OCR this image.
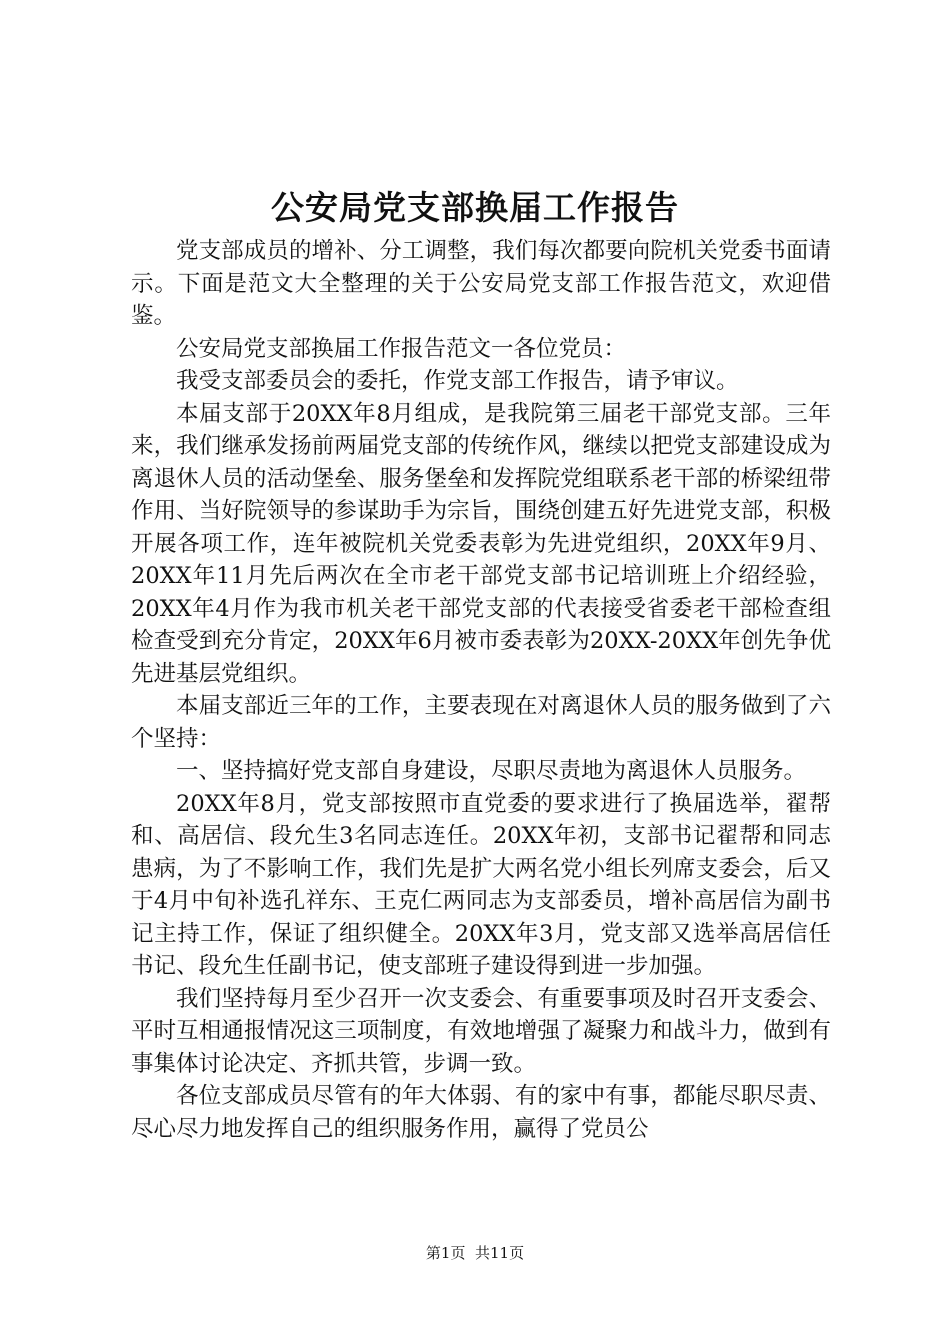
公安局党支部换届工作报告

党支部成员的增补、分工调整，我们每次都要向院机关党委书面请示。下面是范文大全整理的关于公安局党支部工作报告范文，欢迎借鉴。

公安局党支部换届工作报告范文一各位党员：

我受支部委员会的委托，作党支部工作报告，请予审议。

本届支部于20XX年8月组成，是我院第三届老干部党支部。三年来，我们继承发扬前两届党支部的传统作风，继续以把党支部建设成为离退休人员的活动堡垒、服务堡垒和发挥院党组联系老干部的桥梁纽带作用、当好院领导的参谋助手为宗旨，围绕创建五好先进党支部，积极开展各项工作，连年被院机关党委表彰为先进党组织，20XX年9月、20XX年11月先后两次在全市老干部党支部书记培训班上介绍经验，20XX年4月作为我市机关老干部党支部的代表接受省委老干部检查组检查受到充分肯定，20XX年6月被市委表彰为20XX-20XX年创先争优先进基层党组织。

本届支部近三年的工作，主要表现在对离退休人员的服务做到了六个坚持：

一、坚持搞好党支部自身建设，尽职尽责地为离退休人员服务。

20XX年8月，党支部按照市直党委的要求进行了换届选举，翟帮和、高居信、段允生3名同志连任。20XX年初，支部书记翟帮和同志患病，为了不影响工作，我们先是扩大两名党小组长列席支委会，后又于4月中旬补选孔祥东、王克仁两同志为支部委员，增补高居信为副书记主持工作，保证了组织健全。20XX年3月，党支部又选举高居信任书记、段允生任副书记，使支部班子建设得到进一步加强。

我们坚持每月至少召开一次支委会、有重要事项及时召开支委会、平时互相通报情况这三项制度，有效地增强了凝聚力和战斗力，做到有事集体讨论决定、齐抓共管，步调一致。

各位支部成员尽管有的年大体弱、有的家中有事，都能尽职尽责、尽心尽力地发挥自己的组织服务作用，赢得了党员公

第1页 共11页
